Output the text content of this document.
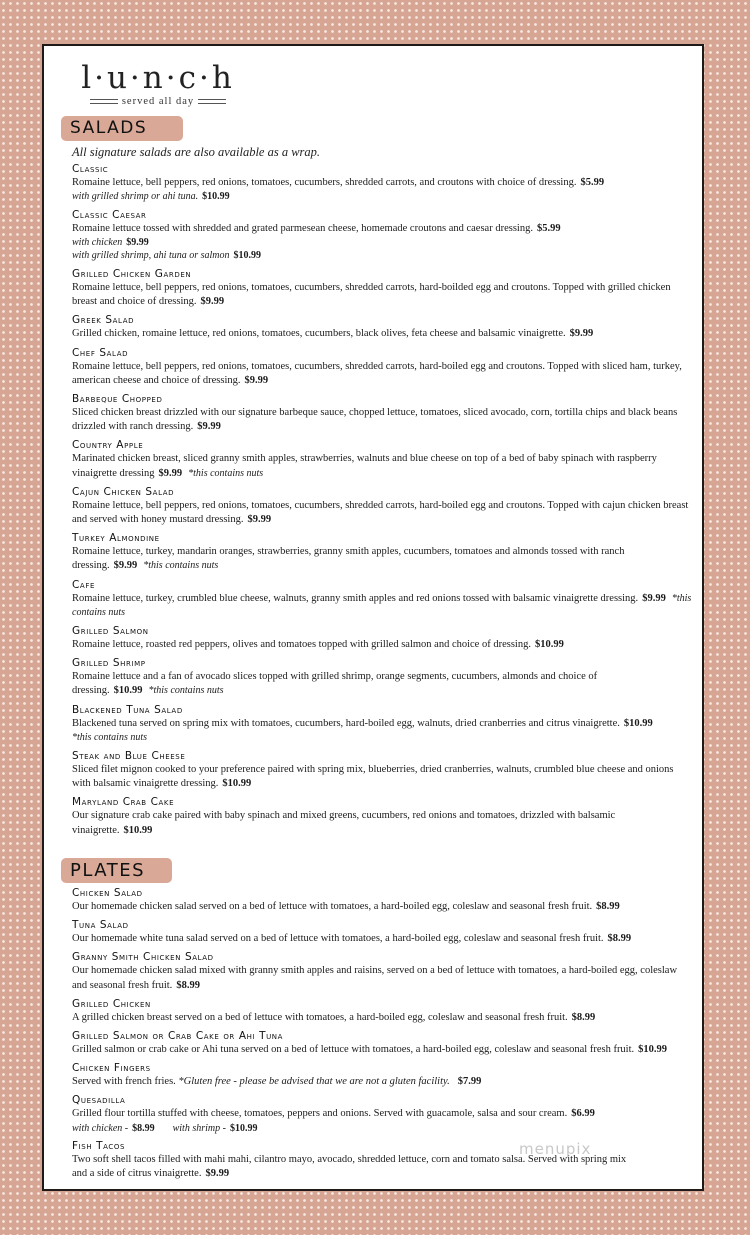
l·u·n·c·h
served all day
SALADS
All signature salads are also available as a wrap.
Classic
Romaine lettuce, bell peppers, red onions, tomatoes, cucumbers, shredded carrots, and croutons with choice of dressing. $5.99
with grilled shrimp or ahi tuna. $10.99
Classic Caesar
Romaine lettuce tossed with shredded and grated parmesean cheese, homemade croutons and caesar dressing. $5.99
with chicken $9.99
with grilled shrimp, ahi tuna or salmon $10.99
Grilled Chicken Garden
Romaine lettuce, bell peppers, red onions, tomatoes, cucumbers, shredded carrots, hard-boilded egg and croutons. Topped with grilled chicken breast and choice of dressing. $9.99
Greek Salad
Grilled chicken, romaine lettuce, red onions, tomatoes, cucumbers, black olives, feta cheese and balsamic vinaigrette. $9.99
Chef Salad
Romaine lettuce, bell peppers, red onions, tomatoes, cucumbers, shredded carrots, hard-boiled egg and croutons. Topped with sliced ham, turkey, american cheese and choice of dressing. $9.99
Barbeque Chopped
Sliced chicken breast drizzled with our signature barbeque sauce, chopped lettuce, tomatoes, sliced avocado, corn, tortilla chips and black beans drizzled with ranch dressing. $9.99
Country Apple
Marinated chicken breast, sliced granny smith apples, strawberries, walnuts and blue cheese on top of a bed of baby spinach with raspberry vinaigrette dressing $9.99 *this contains nuts
Cajun Chicken Salad
Romaine lettuce, bell peppers, red onions, tomatoes, cucumbers, shredded carrots, hard-boiled egg and croutons. Topped with cajun chicken breast and served with honey mustard dressing. $9.99
Turkey Almondine
Romaine lettuce, turkey, mandarin oranges, strawberries, granny smith apples, cucumbers, tomatoes and almonds tossed with ranch dressing. $9.99 *this contains nuts
Cafe
Romaine lettuce, turkey, crumbled blue cheese, walnuts, granny smith apples and red onions tossed with balsamic vinaigrette dressing. $9.99 *this contains nuts
Grilled Salmon
Romaine lettuce, roasted red peppers, olives and tomatoes topped with grilled salmon and choice of dressing. $10.99
Grilled Shrimp
Romaine lettuce and a fan of avocado slices topped with grilled shrimp, orange segments, cucumbers, almonds and choice of dressing. $10.99 *this contains nuts
Blackened Tuna Salad
Blackened tuna served on spring mix with tomatoes, cucumbers, hard-boiled egg, walnuts, dried cranberries and citrus vinaigrette. $10.99
*this contains nuts
Steak and Blue Cheese
Sliced filet mignon cooked to your preference paired with spring mix, blueberries, dried cranberries, walnuts, crumbled blue cheese and onions with balsamic vinaigrette dressing. $10.99
Maryland Crab Cake
Our signature crab cake paired with baby spinach and mixed greens, cucumbers, red onions and tomatoes, drizzled with balsamic vinaigrette. $10.99
PLATES
Chicken Salad
Our homemade chicken salad served on a bed of lettuce with tomatoes, a hard-boiled egg, coleslaw and seasonal fresh fruit. $8.99
Tuna Salad
Our homemade white tuna salad served on a bed of lettuce with tomatoes, a hard-boiled egg, coleslaw and seasonal fresh fruit. $8.99
Granny Smith Chicken Salad
Our homemade chicken salad mixed with granny smith apples and raisins, served on a bed of lettuce with tomatoes, a hard-boiled egg, coleslaw and seasonal fresh fruit. $8.99
Grilled Chicken
A grilled chicken breast served on a bed of lettuce with tomatoes, a hard-boiled egg, coleslaw and seasonal fresh fruit. $8.99
Grilled Salmon or Crab Cake or Ahi Tuna
Grilled salmon or crab cake or Ahi tuna served on a bed of lettuce with tomatoes, a hard-boiled egg, coleslaw and seasonal fresh fruit. $10.99
Chicken Fingers
Served with french fries. *Gluten free - please be advised that we are not a gluten facility. $7.99
Quesadilla
Grilled flour tortilla stuffed with cheese, tomatoes, peppers and onions. Served with guacamole, salsa and sour cream. $6.99
with chicken - $8.99 with shrimp - $10.99
Fish Tacos
Two soft shell tacos filled with mahi mahi, cilantro mayo, avocado, shredded lettuce, corn and tomato salsa. Served with spring mix and a side of citrus vinaigrette. $9.99
menupix
